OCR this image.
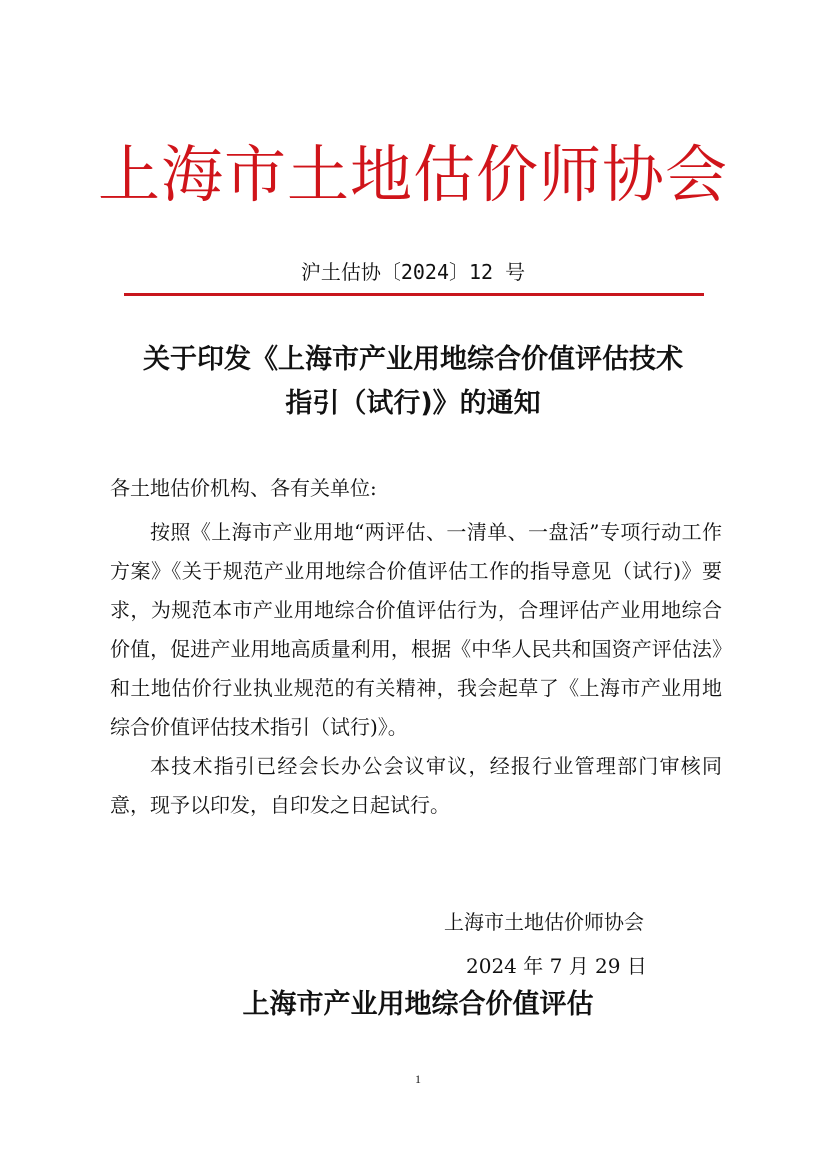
上海市土地估价师协会
沪土估协〔2024〕12 号
关于印发《上海市产业用地综合价值评估技术
指引（试行)》的通知
各土地估价机构、各有关单位:

按照《上海市产业用地“两评估、一清单、一盘活”专项行动工作方案》《关于规范产业用地综合价值评估工作的指导意见（试行)》要求，为规范本市产业用地综合价值评估行为，合理评估产业用地综合价值，促进产业用地高质量利用，根据《中华人民共和国资产评估法》和土地估价行业执业规范的有关精神，我会起草了《上海市产业用地综合价值评估技术指引（试行)》。

本技术指引已经会长办公会议审议，经报行业管理部门审核同意，现予以印发，自印发之日起试行。

上海市土地估价师协会
2024 年 7 月 29 日
上海市产业用地综合价值评估
1
